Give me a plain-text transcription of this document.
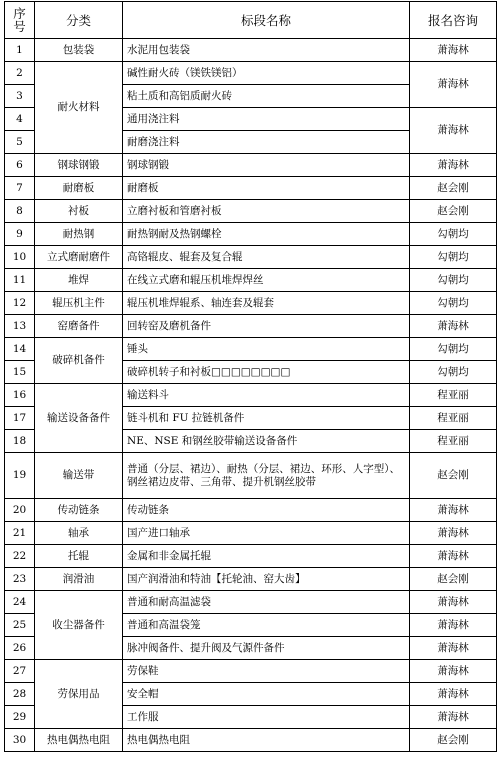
序
号	分类	标段名称	报名咨询
1	包装袋	水泥用包装袋	萧海林
2	耐火材料	碱性耐火砖（镁铁镁铝）	萧海林
3		粘土质和高铝质耐火砖	
4		通用浇注料	萧海林
5		耐磨浇注料	
6	钢球钢锻	钢球钢锻	萧海林
7	耐磨板	耐磨板	赵会刚
8	衬板	立磨衬板和管磨衬板	赵会刚
9	耐热钢	耐热钢耐及热钢螺栓	勾朝均
10	立式磨耐磨件	高铬辊皮、辊套及复合辊	勾朝均
11	堆焊	在线立式磨和辊压机堆焊焊丝	勾朝均
12	辊压机主件	辊压机堆焊辊系、轴连套及辊套	勾朝均
13	窑磨备件	回转窑及磨机备件	萧海林
14	破碎机备件	锤头	勾朝均
15		破碎机转子和衬板□□□□□□□□	勾朝均
16	输送设备备件	输送料斗	程亚丽
17		链斗机和 FU 拉链机备件	程亚丽
18		NE、NSE 和钢丝胶带输送设备备件	程亚丽
19	输送带	普通（分层、裙边）、耐热（分层、裙边、环形、人字型）、钢丝裙边皮带、三角带、提升机钢丝胶带	赵会刚
20	传动链条	传动链条	萧海林
21	轴承	国产进口轴承	萧海林
22	托辊	金属和非金属托辊	萧海林
23	润滑油	国产润滑油和特油【托轮油、窑大齿】	赵会刚
24	收尘器备件	普通和耐高温滤袋	萧海林
25		普通和高温袋笼	萧海林
26		脉冲阀备件、提升阀及气源件备件	萧海林
27	劳保用品	劳保鞋	萧海林
28		安全帽	萧海林
29		工作服	萧海林
30	热电偶热电阻	热电偶热电阻	赵会刚
